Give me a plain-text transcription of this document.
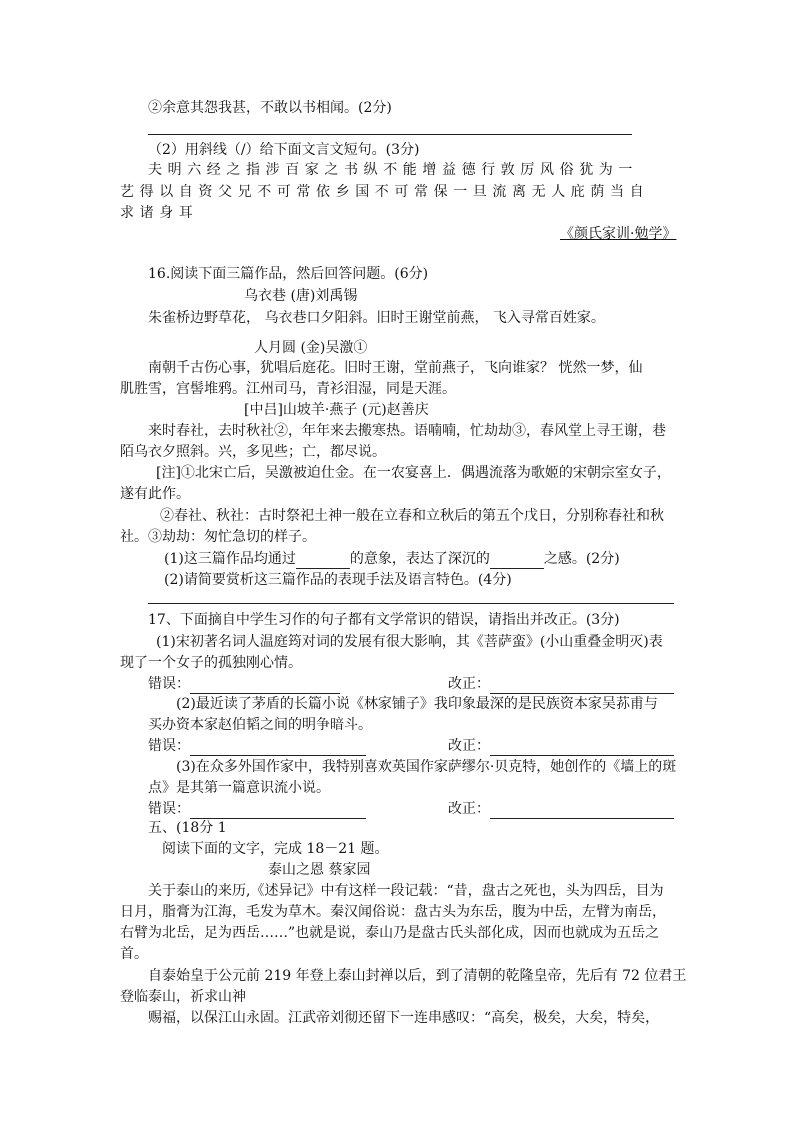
②余意其怨我甚，不敢以书相闻。(2分)
（2）用斜线（/）给下面文言文短句。(3分)
夫明六经之指涉百家之书纵不能增益德行敦厉风俗犹为一
艺得以自资父兄不可常依乡国不可常保一旦流离无人庇荫当自
求诸身耳
《颜氏家训·勉学》
16.阅读下面三篇作品，然后回答问题。(6分)
乌衣巷 (唐)刘禹锡
朱雀桥边野草花， 乌衣巷口夕阳斜。旧时王谢堂前燕， 飞入寻常百姓家。
人月圆 (金)吴激①
南朝千古伤心事，犹唱后庭花。旧时王谢，堂前燕子，飞向谁家？ 恍然一梦，仙
肌胜雪，宫髻堆鸦。江州司马，青衫泪湿，同是天涯。
[中吕]山坡羊·燕子 (元)赵善庆
来时春社，去时秋社②，年年来去搬寒热。语喃喃，忙劫劫③，春风堂上寻王谢，巷
陌乌衣夕照斜。兴，多见些；亡，都尽说。
[注]①北宋亡后，吴激被迫仕金。在一农宴喜上．偶遇流落为歌姬的宋朝宗室女子，
遂有此作。
②春社、秋社：古时祭祀土神一般在立春和立秋后的第五个戊日，分别称春社和秋
社。③劫劫：匆忙急切的样子。
(1)这三篇作品均通过	的意象，表达了深沉的	之感。(2分)
(2)请简要赏析这三篇作品的表现手法及语言特色。(4分)
17、下面摘自中学生习作的句子都有文学常识的错误，请指出并改正。(3分)
(1)宋初著名词人温庭筠对词的发展有很大影响，其《菩萨蛮》(小山重叠金明灭)表
现了一个女子的孤独刚心情。
错误：	改正：
(2)最近读了茅盾的长篇小说《林家铺子》我印象最深的是民族资本家吴荪甫与
买办资本家赵伯韬之间的明争暗斗。
错误：	改正：
(3)在众多外国作家中，我特别喜欢英国作家萨缪尔·贝克特，她创作的《墙上的斑
点》是其第一篇意识流小说。
错误：	改正：
五、(18分 1
阅读下面的文字，完成 18－21 题。
泰山之恩 蔡家园
关于泰山的来历,《述异记》中有这样一段记载：“昔，盘古之死也，头为四岳，目为
日月，脂膏为江海，毛发为草木。秦汉闻俗说：盘古头为东岳，腹为中岳，左臂为南岳，
右臂为北岳，足为西岳……”也就是说，泰山乃是盘古氏头部化成，因而也就成为五岳之
首。
自泰始皇于公元前 219 年登上泰山封禅以后，到了清朝的乾隆皇帝，先后有 72 位君王
登临泰山，祈求山神
赐福，以保江山永固。江武帝刘彻还留下一连串感叹：“高矣，极矣，大矣，特矣，
